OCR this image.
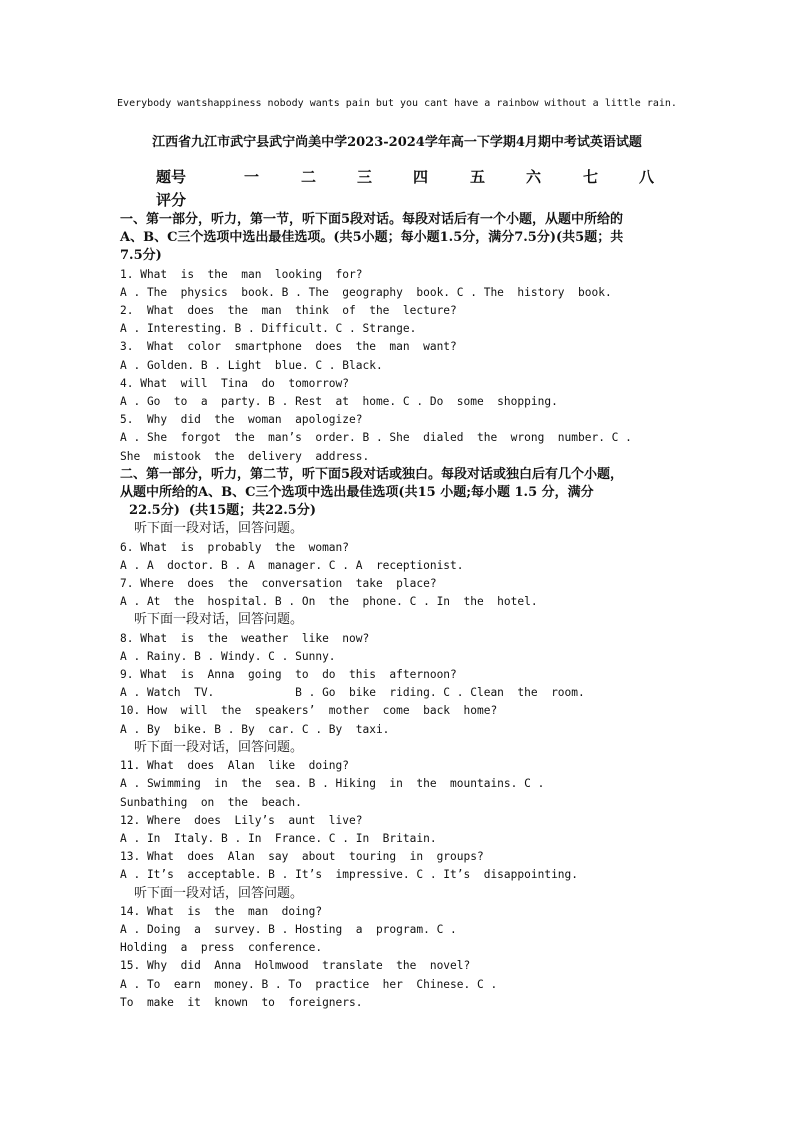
Everybody wantshappiness nobody wants pain but you cant have a rainbow without a little rain.
江西省九江市武宁县武宁尚美中学2023-2024学年高一下学期4月期中考试英语试题
题号	一	二	三	四	五	六	七	八
评分
一、第一部分，听力，第一节，听下面5段对话。每段对话后有一个小题，从题中所给的
A、B、C三个选项中选出最佳选项。(共5小题；每小题1.5分，满分7.5分)(共5题；共
7.5分)
1. What  is  the  man  looking  for?
A . The  physics  book. B . The  geography  book. C . The  history  book.
2.  What  does  the  man  think  of  the  lecture?
A . Interesting. B . Difficult. C . Strange.
3.  What  color  smartphone  does  the  man  want?
A . Golden. B . Light  blue. C . Black.
4. What  will  Tina  do  tomorrow?
A . Go  to  a  party. B . Rest  at  home. C . Do  some  shopping.
5.  Why  did  the  woman  apologize?
A . She  forgot  the  man’s  order. B . She  dialed  the  wrong  number. C .
She  mistook  the  delivery  address.
二、第一部分，听力，第二节，听下面5段对话或独白。每段对话或独白后有几个小题，
从题中所给的A、B、C三个选项中选出最佳选项(共15 小题;每小题 1.5 分，满分
22.5分)  (共15题；共22.5分)
听下面一段对话，回答问题。
6. What  is  probably  the  woman?
A . A  doctor. B . A  manager. C . A  receptionist.
7. Where  does  the  conversation  take  place?
A . At  the  hospital. B . On  the  phone. C . In  the  hotel.
听下面一段对话，回答问题。
8. What  is  the  weather  like  now?
A . Rainy. B . Windy. C . Sunny.
9. What  is  Anna  going  to  do  this  afternoon?
A . Watch  TV.            B . Go  bike  riding. C . Clean  the  room.
10. How  will  the  speakers’  mother  come  back  home?
A . By  bike. B . By  car. C . By  taxi.
听下面一段对话，回答问题。
11. What  does  Alan  like  doing?
A . Swimming  in  the  sea. B . Hiking  in  the  mountains. C .
Sunbathing  on  the  beach.
12. Where  does  Lily’s  aunt  live?
A . In  Italy. B . In  France. C . In  Britain.
13. What  does  Alan  say  about  touring  in  groups?
A . It’s  acceptable. B . It’s  impressive. C . It’s  disappointing.
听下面一段对话，回答问题。
14. What  is  the  man  doing?
A . Doing  a  survey. B . Hosting  a  program. C .
Holding  a  press  conference.
15. Why  did  Anna  Holmwood  translate  the  novel?
A . To  earn  money. B . To  practice  her  Chinese. C .
To  make  it  known  to  foreigners.
